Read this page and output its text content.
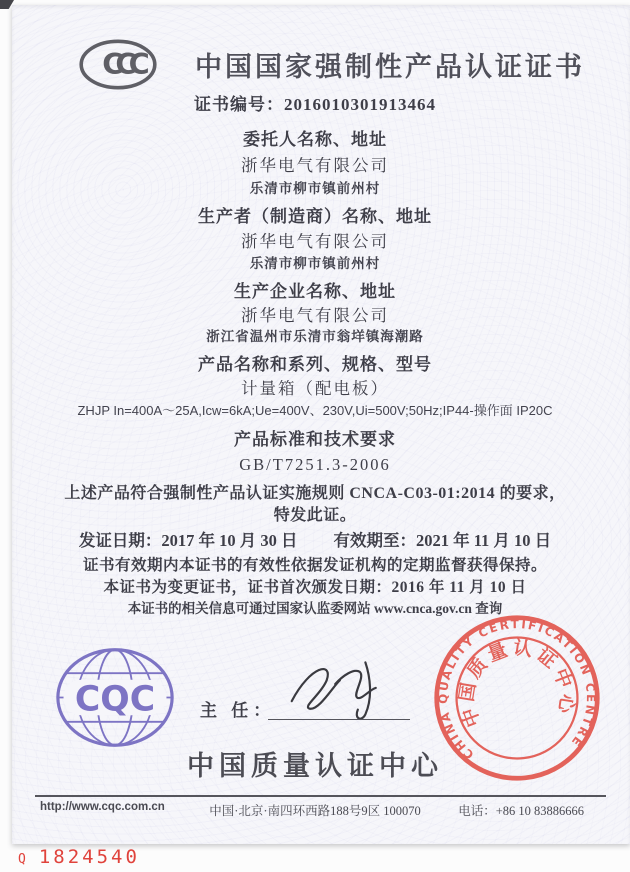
CCC	中国国家强制性产品认证证书
证书编号：2016010301913464
委托人名称、地址
浙华电气有限公司
乐清市柳市镇前州村
生产者（制造商）名称、地址
浙华电气有限公司
乐清市柳市镇前州村
生产企业名称、地址
浙华电气有限公司
浙江省温州市乐清市翁垟镇海潮路
产品名称和系列、规格、型号
计量箱（配电板）
ZHJP In=400A～25A,Icw=6kA;Ue=400V、230V,Ui=500V;50Hz;IP44-操作面 IP20C
产品标准和技术要求
GB/T7251.3-2006
上述产品符合强制性产品认证实施规则 CNCA-C03-01:2014 的要求，
特发此证。
发证日期：2017 年 10 月 30 日 有效期至：2021 年 11 月 10 日
证书有效期内本证书的有效性依据发证机构的定期监督获得保持。
本证书为变更证书，证书首次颁发日期：2016 年 11 月 10 日
本证书的相关信息可通过国家认监委网站 www.cnca.gov.cn 查询
CQC	主 任：
CHINA QUALITY CERTIFICATION CENTRE
中国质量认证中心
中国质量认证中心
http://www.cqc.com.cn	中国·北京·南四环西路188号9区 100070	电话：+86 10 83886666
Q 1824540
